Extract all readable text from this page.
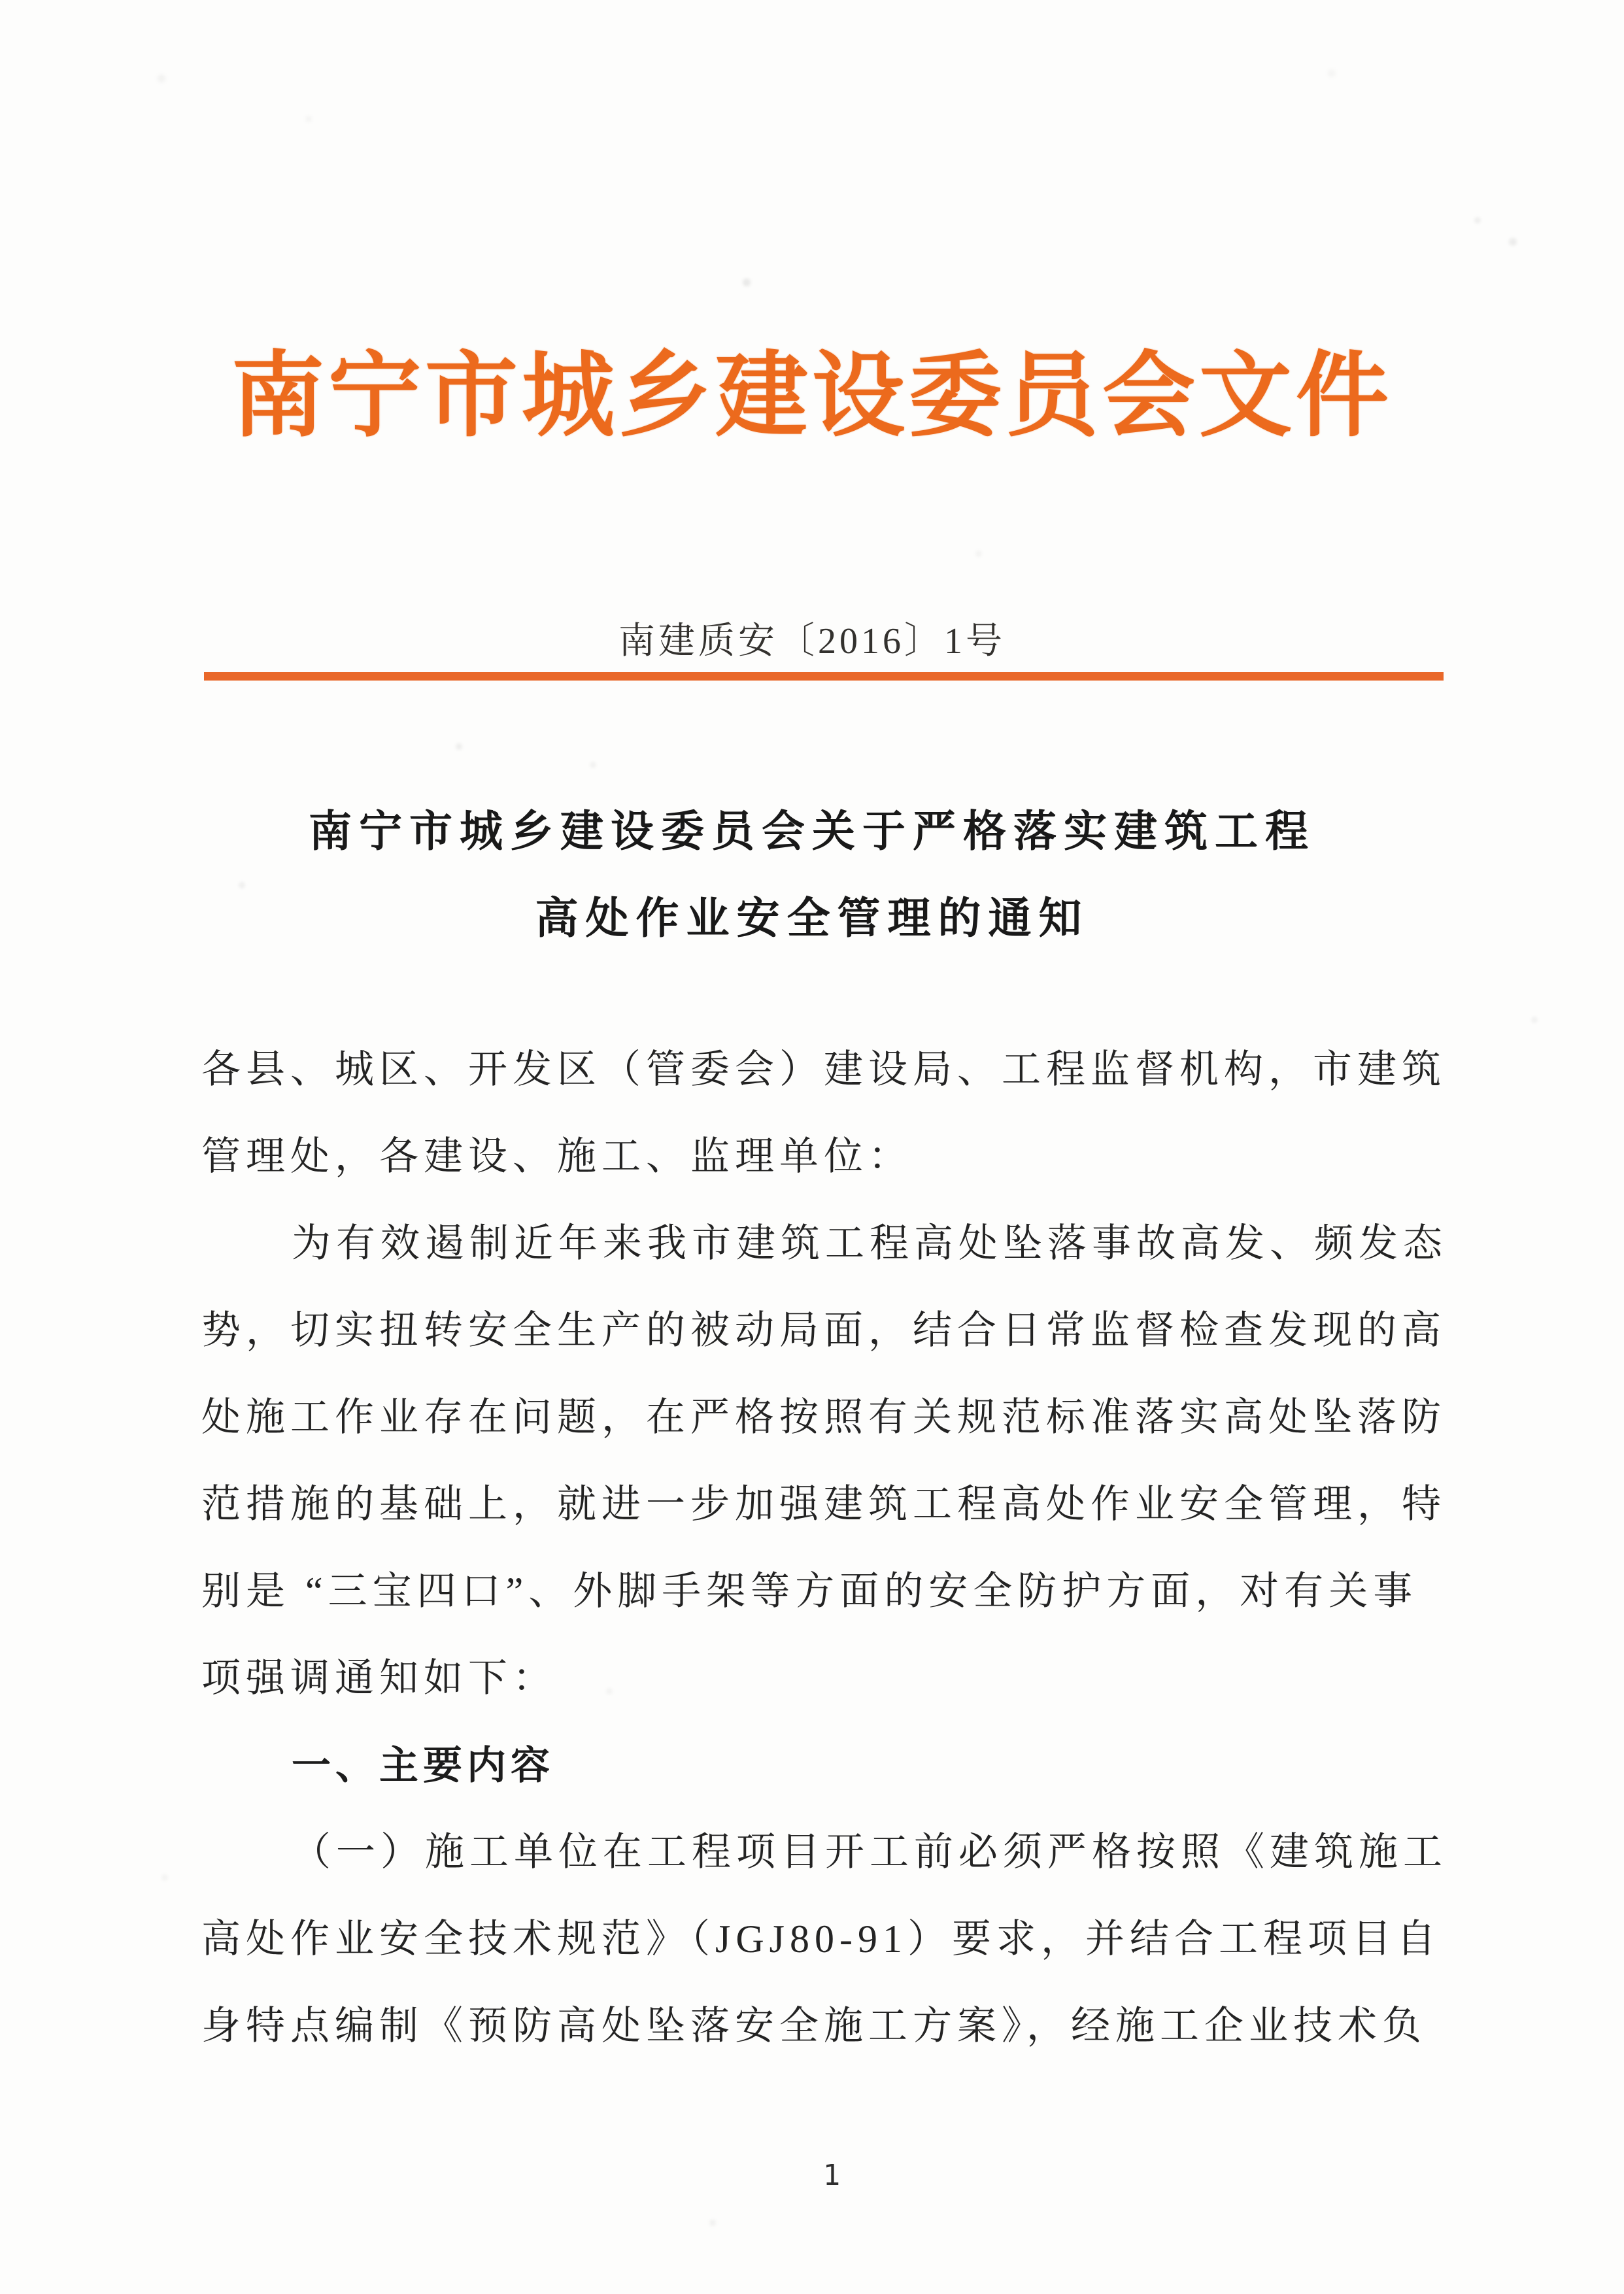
南宁市城乡建设委员会文件
南建质安〔2016〕1号
南宁市城乡建设委员会关于严格落实建筑工程
高处作业安全管理的通知
各县、城区、开发区（管委会）建设局、工程监督机构，市建筑
管理处，各建设、施工、监理单位：
为有效遏制近年来我市建筑工程高处坠落事故高发、频发态
势，切实扭转安全生产的被动局面，结合日常监督检查发现的高
处施工作业存在问题，在严格按照有关规范标准落实高处坠落防
范措施的基础上，就进一步加强建筑工程高处作业安全管理，特
别是 “三宝四口”、外脚手架等方面的安全防护方面，对有关事
项强调通知如下：
一、主要内容
（一）施工单位在工程项目开工前必须严格按照《建筑施工
高处作业安全技术规范》（JGJ80-91）要求，并结合工程项目自
身特点编制《预防高处坠落安全施工方案》，经施工企业技术负
1
